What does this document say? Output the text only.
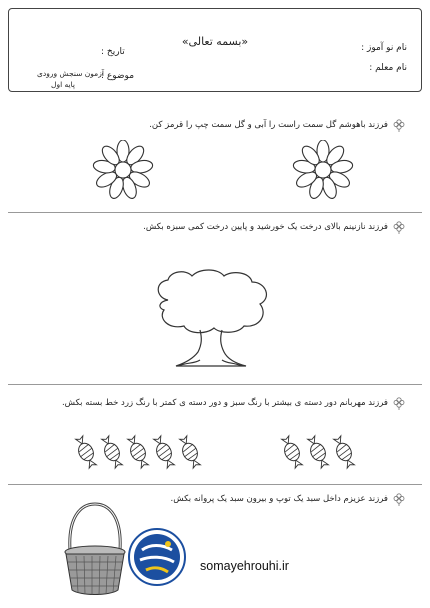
«بسمه تعالی»	نام نو آموز :
نام معلم :
تاریخ :
موضوع :
آزمون سنجش ورودی
پایه اول
فرزند باهوشم گل سمت راست را آبی و گل سمت چپ را قرمز کن.
فرزند نازنینم بالای درخت یک خورشید و پایین درخت کمی سبزه بکش.
فرزند مهربانم دور دسته ی بیشتر با رنگ سبز و دور دسته ی کمتر با رنگ زرد خط بسته بکش.
فرزند عزیزم داخل سبد یک توپ و بیرون سبد یک پروانه بکش.
somayehrouhi.ir
